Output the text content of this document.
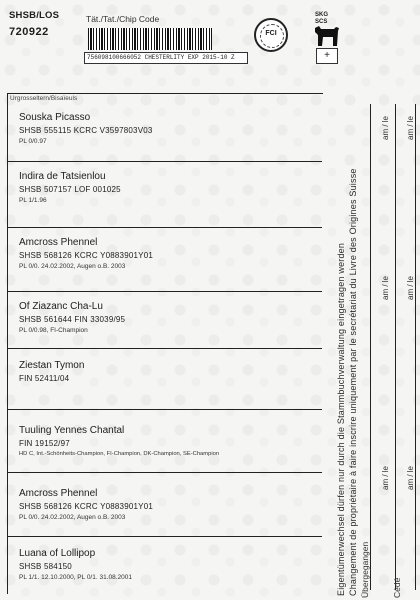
SHSB/LOS
720922
Tät./Tat./Chip Code
756098100666052 CHESTERLITY EXP 2015-10 Z
FCI
SKG SCS
+
Urgrosseltern/Bisaïeuls
Souska Picasso
SHSB 555115 KCRC V3597803V03
PL 0/0.97
Indira de Tatsienlou
SHSB 507157 LOF 001025
PL 1/1.96
Amcross Phennel
SHSB 568126 KCRC Y0883901Y01
PL 0/0. 24.02.2002, Augen o.B. 2003
Of Ziazanc Cha-Lu
SHSB 561644 FIN 33039/95
PL 0/0.98, FI-Champion
Ziestan Tymon
FIN 52411/04
Tuuling Yennes Chantal
FIN 19152/97
HD C, Int.-Schönheits-Champion, FI-Champion, DK-Champion, SE-Champion
Amcross Phennel
SHSB 568126 KCRC Y0883901Y01
PL 0/0. 24.02.2002, Augen o.B. 2003
Luana of Lollipop
SHSB 584150
PL 1/1. 12.10.2000, PL 0/1. 31.08.2001	Eigentümerwechsel dürfen nur durch die Stammbuchverwaltung eingetragen werden Changement de propriétaire à faire inscrire uniquement par le secrétariat du Livre des Origines Suisse Übergegangen	Cédé
am / le
am / le
am / le
am / le
am / le
am / le
